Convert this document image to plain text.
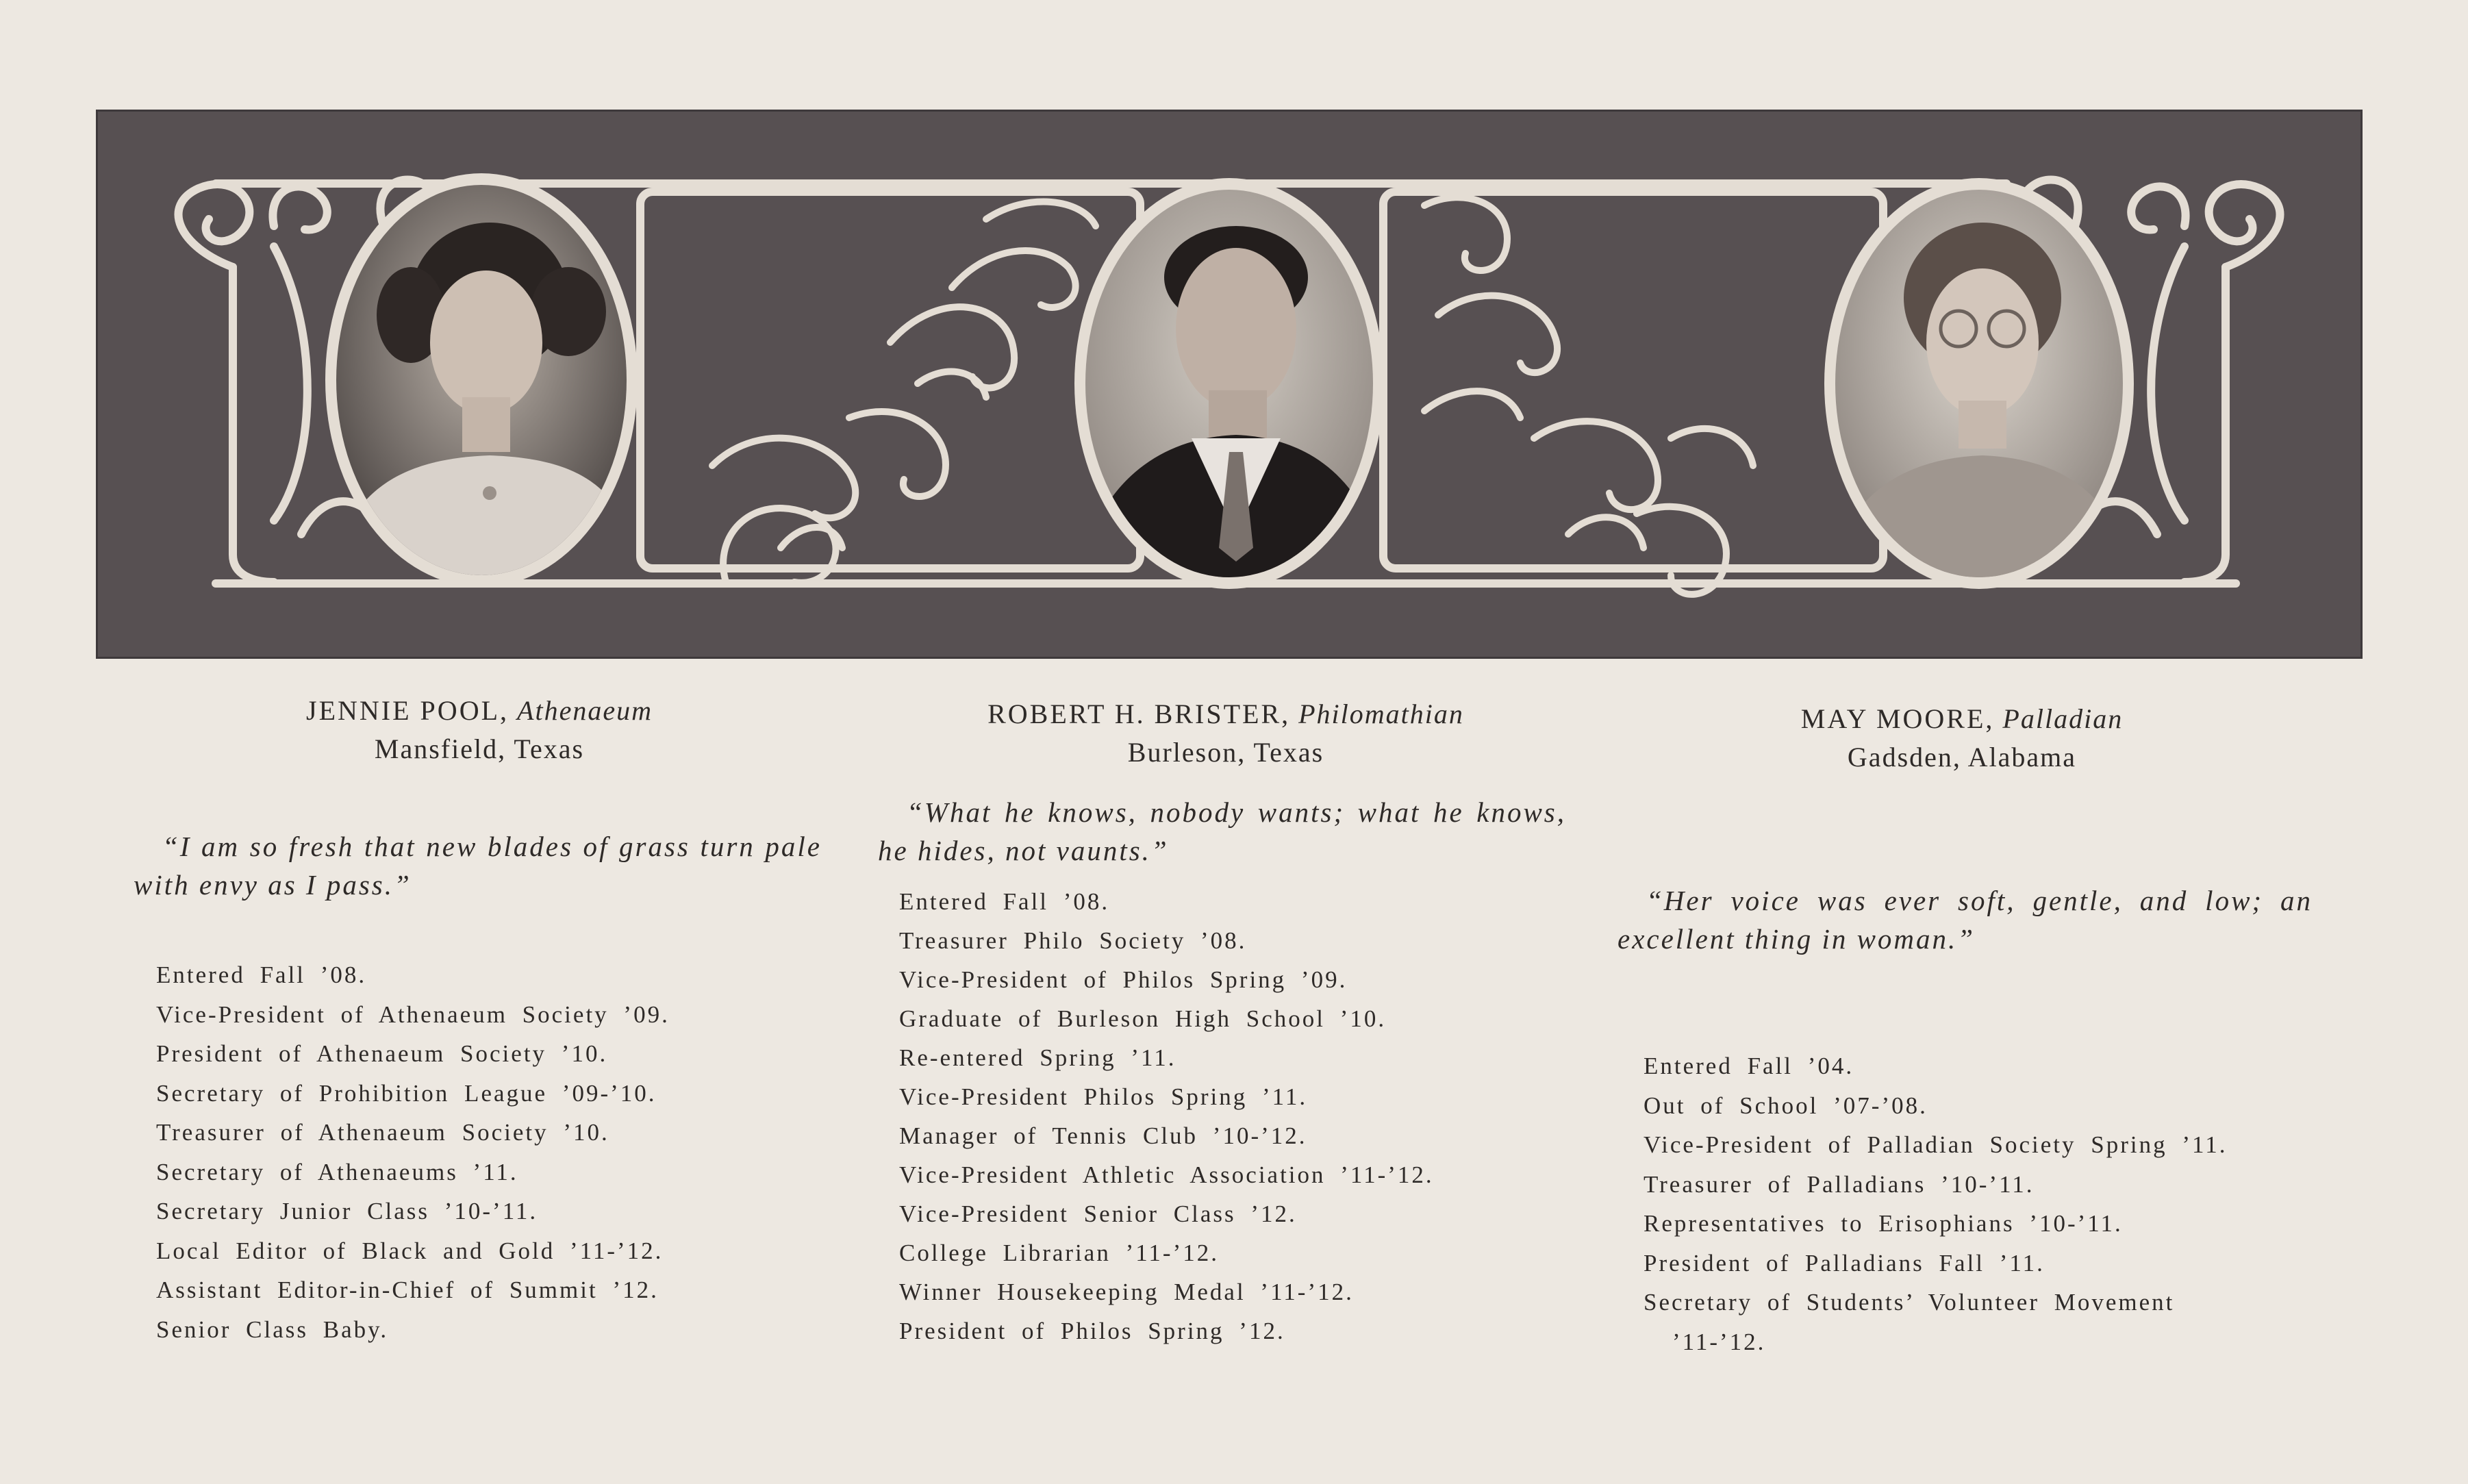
JENNIE POOL, Athenaeum
Mansfield, Texas
“I am so fresh that new blades of grass turn pale with envy as I pass.”
Entered Fall ’08.
Vice-President of Athenaeum Society ’09.
President of Athenaeum Society ’10.
Secretary of Prohibition League ’09-’10.
Treasurer of Athenaeum Society ’10.
Secretary of Athenaeums ’11.
Secretary Junior Class ’10-’11.
Local Editor of Black and Gold ’11-’12.
Assistant Editor-in-Chief of Summit ’12.
Senior Class Baby.
ROBERT H. BRISTER, Philomathian
Burleson, Texas
“What he knows, nobody wants; what he knows, he hides, not vaunts.”
Entered Fall ’08.
Treasurer Philo Society ’08.
Vice-President of Philos Spring ’09.
Graduate of Burleson High School ’10.
Re-entered Spring ’11.
Vice-President Philos Spring ’11.
Manager of Tennis Club ’10-’12.
Vice-President Athletic Association ’11-’12.
Vice-President Senior Class ’12.
College Librarian ’11-’12.
Winner Housekeeping Medal ’11-’12.
President of Philos Spring ’12.
MAY MOORE, Palladian
Gadsden, Alabama
“Her voice was ever soft, gentle, and low; an excellent thing in woman.”
Entered Fall ’04.
Out of School ’07-’08.
Vice-President of Palladian Society Spring ’11.
Treasurer of Palladians ’10-’11.
Representatives to Erisophians ’10-’11.
President of Palladians Fall ’11.
Secretary of Students’ Volunteer Movement
’11-’12.
